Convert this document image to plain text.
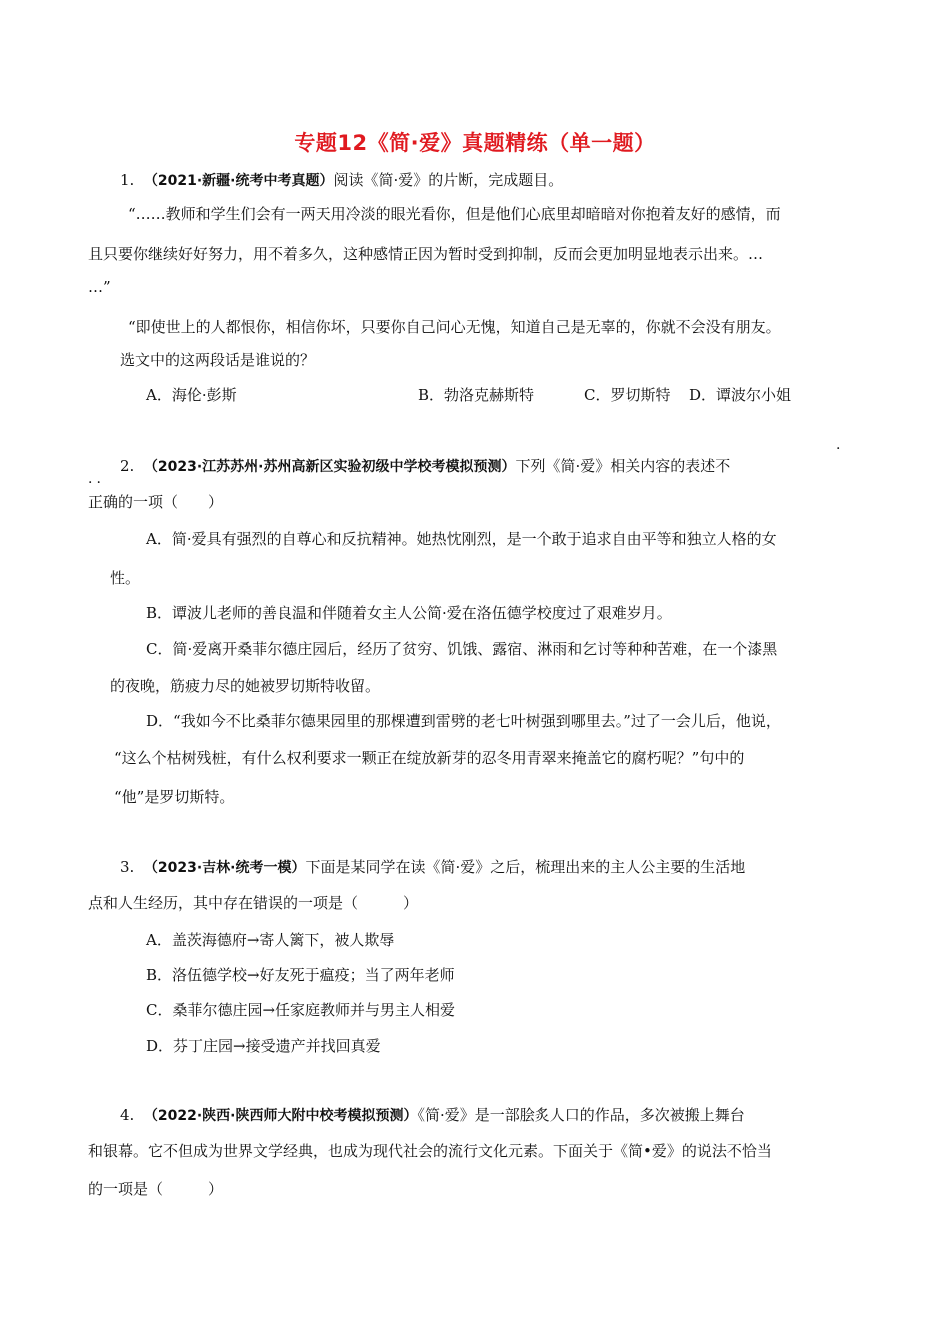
专题12《简·爱》真题精练（单一题）
1. （2021·新疆·统考中考真题）阅读《简·爱》的片断，完成题目。
“……教师和学生们会有一两天用冷淡的眼光看你，但是他们心底里却暗暗对你抱着友好的感情，而
且只要你继续好好努力，用不着多久，这种感情正因为暂时受到抑制，反而会更加明显地表示出来。…
…”
“即使世上的人都恨你，相信你坏，只要你自己问心无愧，知道自己是无辜的，你就不会没有朋友。
选文中的这两段话是谁说的？
A．海伦·彭斯	B．勃洛克赫斯特	C．罗切斯特 D．谭波尔小姐
·
2. （2023·江苏苏州·苏州高新区实验初级中学校考模拟预测）下列《简·爱》相关内容的表述不
··
正确的一项（　　）
A．简·爱具有强烈的自尊心和反抗精神。她热忱刚烈，是一个敢于追求自由平等和独立人格的女
性。
B．谭波儿老师的善良温和伴随着女主人公简·爱在洛伍德学校度过了艰难岁月。
C．简·爱离开桑菲尔德庄园后，经历了贫穷、饥饿、露宿、淋雨和乞讨等种种苦难，在一个漆黑
的夜晚，筋疲力尽的她被罗切斯特收留。
D．“我如今不比桑菲尔德果园里的那棵遭到雷劈的老七叶树强到哪里去。”过了一会儿后，他说，
“这么个枯树残桩，有什么权利要求一颗正在绽放新芽的忍冬用青翠来掩盖它的腐朽呢？”句中的
“他”是罗切斯特。
3. （2023·吉林·统考一模）下面是某同学在读《简·爱》之后，梳理出来的主人公主要的生活地
点和人生经历，其中存在错误的一项是（　　　）
A．盖茨海德府→寄人篱下，被人欺辱
B．洛伍德学校→好友死于瘟疫；当了两年老师
C．桑菲尔德庄园→任家庭教师并与男主人相爱
D．芬丁庄园→接受遗产并找回真爱
4. （2022·陕西·陕西师大附中校考模拟预测）《简·爱》是一部脍炙人口的作品，多次被搬上舞台
和银幕。它不但成为世界文学经典，也成为现代社会的流行文化元素。下面关于《简•爱》的说法不恰当
的一项是（　　　）
